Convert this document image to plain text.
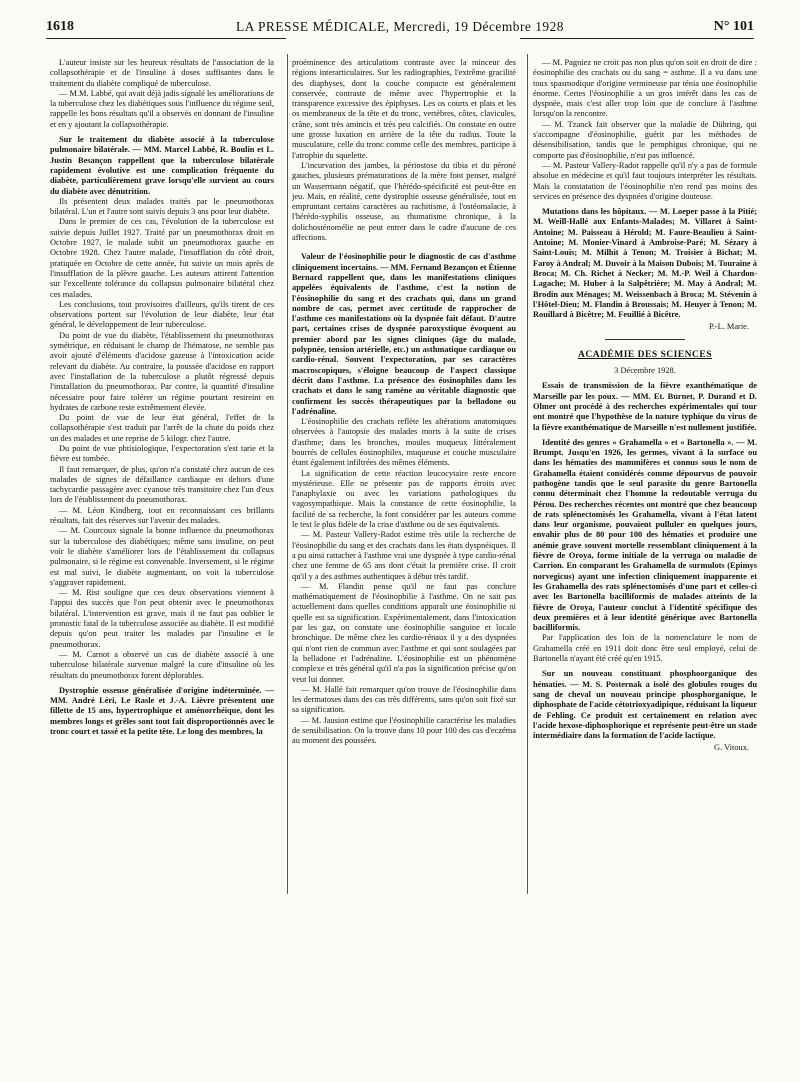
1618	LA PRESSE MÉDICALE, Mercredi, 19 Décembre 1928	N° 101

L'auteur insiste sur les heureux résultats de l'association de la collapsothérapie et de l'insuline à doses suffisantes dans le traitement du diabète compliqué de tuberculose.

— M.M. Labbé, qui avait déjà jadis signalé les améliorations de la tuberculose chez les diabétiques sous l'influence du régime seul, rappelle les bons résultats qu'il a observés en donnant de l'insuline et en y ajoutant la collapsothérapie.

Sur le traitement du diabète associé à la tuberculose pulmonaire bilatérale. — MM. Marcel Labbé, R. Boulin et L. Justin Besançon rappellent que la tuberculose bilatérale rapidement évolutive est une complication fréquente du diabète, particulièrement grave lorsqu'elle survient au cours du diabète avec dénutrition.

Ils présentent deux malades traités par le pneumothorax bilatéral. L'un et l'autre sont suivis depuis 3 ans pour leur diabète.

Dans le premier de ces cas, l'évolution de la tuberculose est suivie depuis Juillet 1927. Traité par un pneumothorax droit en Octobre 1927, le malade subit un pneumothorax gauche en Octobre 1928. Chez l'autre malade, l'insufflation du côté droit, pratiquée en Octobre de cette année, fut suivie un mois après de l'insufflation de la plèvre gauche. Les auteurs attirent l'attention sur l'excellente tolérance du collapsus pulmonaire bilatéral chez ces malades.

Les conclusions, tout provisoires d'ailleurs, qu'ils tirent de ces observations portent sur l'évolution de leur diabète, leur état général, le développement de leur tuberculose.

Du point de vue du diabète, l'établissement du pneumothorax symétrique, en réduisant le champ de l'hématose, ne semble pas avoir ajouté d'éléments d'acidose gazeuse à l'intoxication acide relevant du diabète. Au contraire, la poussée d'acidose en rapport avec l'installation de la tuberculose a plutôt régressé depuis l'installation du pneumothorax. Par contre, la quantité d'insuline nécessaire pour faire tolérer un régime pourtant restreint en hydrates de carbone reste extrêmement élevée.

Du point de vue de leur état général, l'effet de la collapsothérapie s'est traduit par l'arrêt de la chute du poids chez un des malades et une reprise de 5 kilogr. chez l'autre.

Du point de vue phtisiologique, l'expectoration s'est tarie et la fièvre est tombée.

Il faut remarquer, de plus, qu'on n'a constaté chez aucun de ces malades de signes de défaillance cardiaque en dehors d'une tachycardie passagère avec cyanose très transitoire chez l'un d'eux lors de l'établissement du pneumothorax.

— M. Léon Kindberg, tout en reconnaissant ces brillants résultats, fait des réserves sur l'avenir des malades.

— M. Courcoux signale la bonne influence du pneumothorax sur la tuberculose des diabétiques; même sans insuline, on peut voir le diabète s'améliorer lors de l'établissement du collapsus pulmonaire, si le régime est convenable. Inversement, si le régime est mal suivi, le diabète augmentant, on voit la tuberculose s'aggraver rapidement.

— M. Rist souligne que ces deux observations viennent à l'appui des succès que l'on peut obtenir avec le pneumothorax bilatéral. L'intervention est grave, mais il ne faut pas oublier le pronostic fatal de la tuberculose associée au diabète. Il est modifié depuis qu'on peut traiter les malades par l'insuline et le pneumothorax.

— M. Carnot a observé un cas de diabète associé à une tuberculose bilatérale survenue malgré la cure d'insuline où les résultats du pneumothorax furent déplorables.

Dystrophie osseuse généralisée d'origine indéterminée. — MM. André Léri, Le Rasle et J.-A. Lièvre présentent une fillette de 15 ans, hypertrophique et aménorrhéique, dont les membres longs et grêles sont tout fait disproportionnés avec le tronc court et tassé et la petite tête. Le long des membres, la

proéminence des articulations contraste avec la minceur des régions interarticulaires. Sur les radiographies, l'extrême gracilité des diaphyses, dont la couche compacte est généralement conservée, contraste de même avec l'hypertrophie et la transparence excessive des épiphyses. Les os courts et plats et les os membraneux de la tête et du tronc, vertèbres, côtes, clavicules, crâne, sont très amincis et très peu calcifiés. On constate en outre une grosse luxation en arrière de la tête du radius. Toute la musculature, celle du tronc comme celle des membres, participe à l'atrophie du squelette.

L'incurvation des jambes, la périostose du tibia et du péroné gauches, plusieurs prématurations de la mère font penser, malgré un Wassermann négatif, que l'hérédo-spécificité est peut-être en jeu. Mais, en réalité, cette dystrophie osseuse généralisée, tout en empruntant certains caractères au rachitisme, à l'ostéomalacie, à l'hérédo-syphilis osseuse, au rhumatisme chronique, à la dolichosténomélie ne peut entrer dans le cadre d'aucune de ces affections.

Valeur de l'éosinophilie pour le diagnostic de cas d'asthme cliniquement incertains. — MM. Fernand Bezançon et Étienne Bernard rappellent que, dans les manifestations cliniques appelées équivalents de l'asthme, c'est la notion de l'éosinophilie du sang et des crachats qui, dans un grand nombre de cas, permet avec certitude de rapprocher de l'asthme ces manifestations où la dyspnée fait défaut. D'autre part, certaines crises de dyspnée paroxystique évoquent au premier abord par les signes cliniques (âge du malade, polypnée, tension artérielle, etc.) un asthmatique cardiaque ou cardio-rénal. Souvent l'expectoration, par ses caractères macroscopiques, s'éloigne beaucoup de l'aspect classique décrit dans l'asthme. La présence des éosinophiles dans les crachats et dans le sang ramène au véritable diagnostic que confirment les succès thérapeutiques par la belladone ou l'adrénaline.

L'éosinophilie des crachats reflète les altérations anatomiques observées à l'autopsie des malades morts à la suite de crises d'asthme; dans les bronches, moules muqueux littéralement bourrés de cellules éosinophiles, muqueuse et couche musculaire étant également infiltrées des mêmes éléments.

La signification de cette réaction leucocytaire reste encore mystérieuse. Elle ne présente pas de rapports étroits avec l'anaphylaxie ou avec les variations pathologiques du vagosympathique. Mais la constance de cette éosinophilie, la facilité de sa recherche, la font considérer par les auteurs comme le test le plus fidèle de la crise d'asthme ou de ses équivalents.

— M. Pasteur Vallery-Radot estime très utile la recherche de l'éosinophilie du sang et des crachats dans les états dyspnéiques. Il a pu ainsi rattacher à l'asthme vrai une dyspnée à type cardio-rénal chez une femme de 65 ans dont c'était la première crise. Il croit qu'il y a des asthmes authentiques à début très tardif.

— M. Flandin pense qu'il ne faut pas conclure mathématiquement de l'éosinophilie à l'asthme. On ne sait pas actuellement dans quelles conditions apparaît une éosinophilie ni quelle est sa signification. Expérimentalement, dans l'intoxication par les gaz, on constate une éosinophilie sanguine et locale bronchique. De même chez les cardio-rénaux il y a des dyspnées qui n'ont rien de commun avec l'asthme et qui sont soulagées par la belladone et l'adrénaline. L'éosinophilie est un phénomène complexe et très général qu'il n'a pas la signification précise qu'on veut lui donner.

— M. Hallé fait remarquer qu'on trouve de l'éosinophilie dans les dermatoses dans des cas très différents, sans qu'on soit fixé sur sa signification.

— M. Jausion estime que l'éosinophilie caractérise les maladies de sensibilisation. On la trouve dans 10 pour 100 des cas d'eczéma au moment des poussées.

— M. Pagniez ne croit pas non plus qu'on soit en droit de dire : éosinophilie des crachats ou du sang = asthme. Il a vu dans une toux spasmodique d'origine vermineuse par ténia une éosinophilie énorme. Certes l'éosinophilie a un gros intérêt dans les cas de dyspnée, mais c'est aller trop loin que de conclure à l'asthme lorsqu'on la rencontre.

— M. Tzanck fait observer que la maladie de Dühring, qui s'accompagne d'éosinophilie, guérit par les méthodes de désensibilisation, tandis que le pemphigus chronique, qui ne comporte pas d'éosinophilie, n'est pas influencé.

— M. Pasteur Vallery-Radot rappelle qu'il n'y a pas de formule absolue en médecine et qu'il faut toujours interpréter les résultats. Mais la constatation de l'éosinophilie n'en rend pas moins des services en présence des dyspnées d'origine douteuse.

Mutations dans les hôpitaux. — M. Loeper passe à la Pitié; M. Weill-Hallé aux Enfants-Malades; M. Villaret à Saint-Antoine; M. Paisseau à Hérold; M. Faure-Beaulieu à Saint-Antoine; M. Monier-Vinard à Ambroise-Paré; M. Sézary à Saint-Louis; M. Milhit à Tenon; M. Troisier à Bichat; M. Faroy à Andral; M. Duvoir à la Maison Dubois; M. Touraine à Broca; M. Ch. Richet à Necker; M. M.-P. Weil à Chardon-Lagache; M. Huber à la Salpêtrière; M. May à Andral; M. Brodin aux Ménages; M. Weissenbach à Broca; M. Stévenin à l'Hôtel-Dieu; M. Flandin à Broussais; M. Heuyer à Tenon; M. Rouillard à Bicêtre; M. Feuillié à Bicêtre.
P.-L. Marie.
ACADÉMIE DES SCIENCES
3 Décembre 1928.
Essais de transmission de la fièvre exanthématique de Marseille par les poux. — MM. Et. Burnet, P. Durand et D. Olmer ont procédé à des recherches expérimentales qui tour ont montré que l'hypothèse de la nature typhique du virus de la fièvre exanthématique de Marseille n'est nullement justifiée.
Identité des genres « Grahamella » et « Bartonella ». — M. Brumpt. Jusqu'en 1926, les germes, vivant à la surface ou dans les hématies des mammifères et connus sous le nom de Grahamella étaient considérés comme dépourvus de pouvoir pathogène tandis que le seul parasite du genre Bartonella connu déterminait chez l'homme la redoutable verruga du Pérou. Des recherches récentes ont montré que chez beaucoup de rats splénectomisés les Grahamella, vivant à l'état latent dans leur organisme, pouvaient pulluler en quelques jours, envahir plus de 80 pour 100 des hématies et produire une anémie grave souvent mortelle ressemblant cliniquement à la fièvre de Oroya, forme initiale de la verruga ou maladie de Carrion. En comparant les Grahamella de surmulots (Epimys norvegicus) ayant une infection cliniquement inapparente et les Grahamella des rats splénectomisés d'une part et celles-ci avec les Bartonella bacilliformis de malades atteints de la fièvre de Oroya, l'auteur conclut à l'identité spécifique des deux premières et à leur identité générique avec Bartonella bacilliformis.

Par l'application des lois de la nomenclature le nom de Grahamella créé en 1911 doit donc être seul employé, celui de Bartonella n'ayant été créé qu'en 1915.

Sur un nouveau constituant phosphoorganique des hématies. — M. S. Posternak a isolé des globules rouges du sang de cheval un nouveau principe phosphorganique, le diphosphate de l'acide cétotrioxyadipique, réduisant la liqueur de Fehling. Ce produit est certainement en relation avec l'acide hexose-diphosphorique et représente peut-être un stade intermédiaire dans la formation de l'acide lactique.
G. Vitoux.
